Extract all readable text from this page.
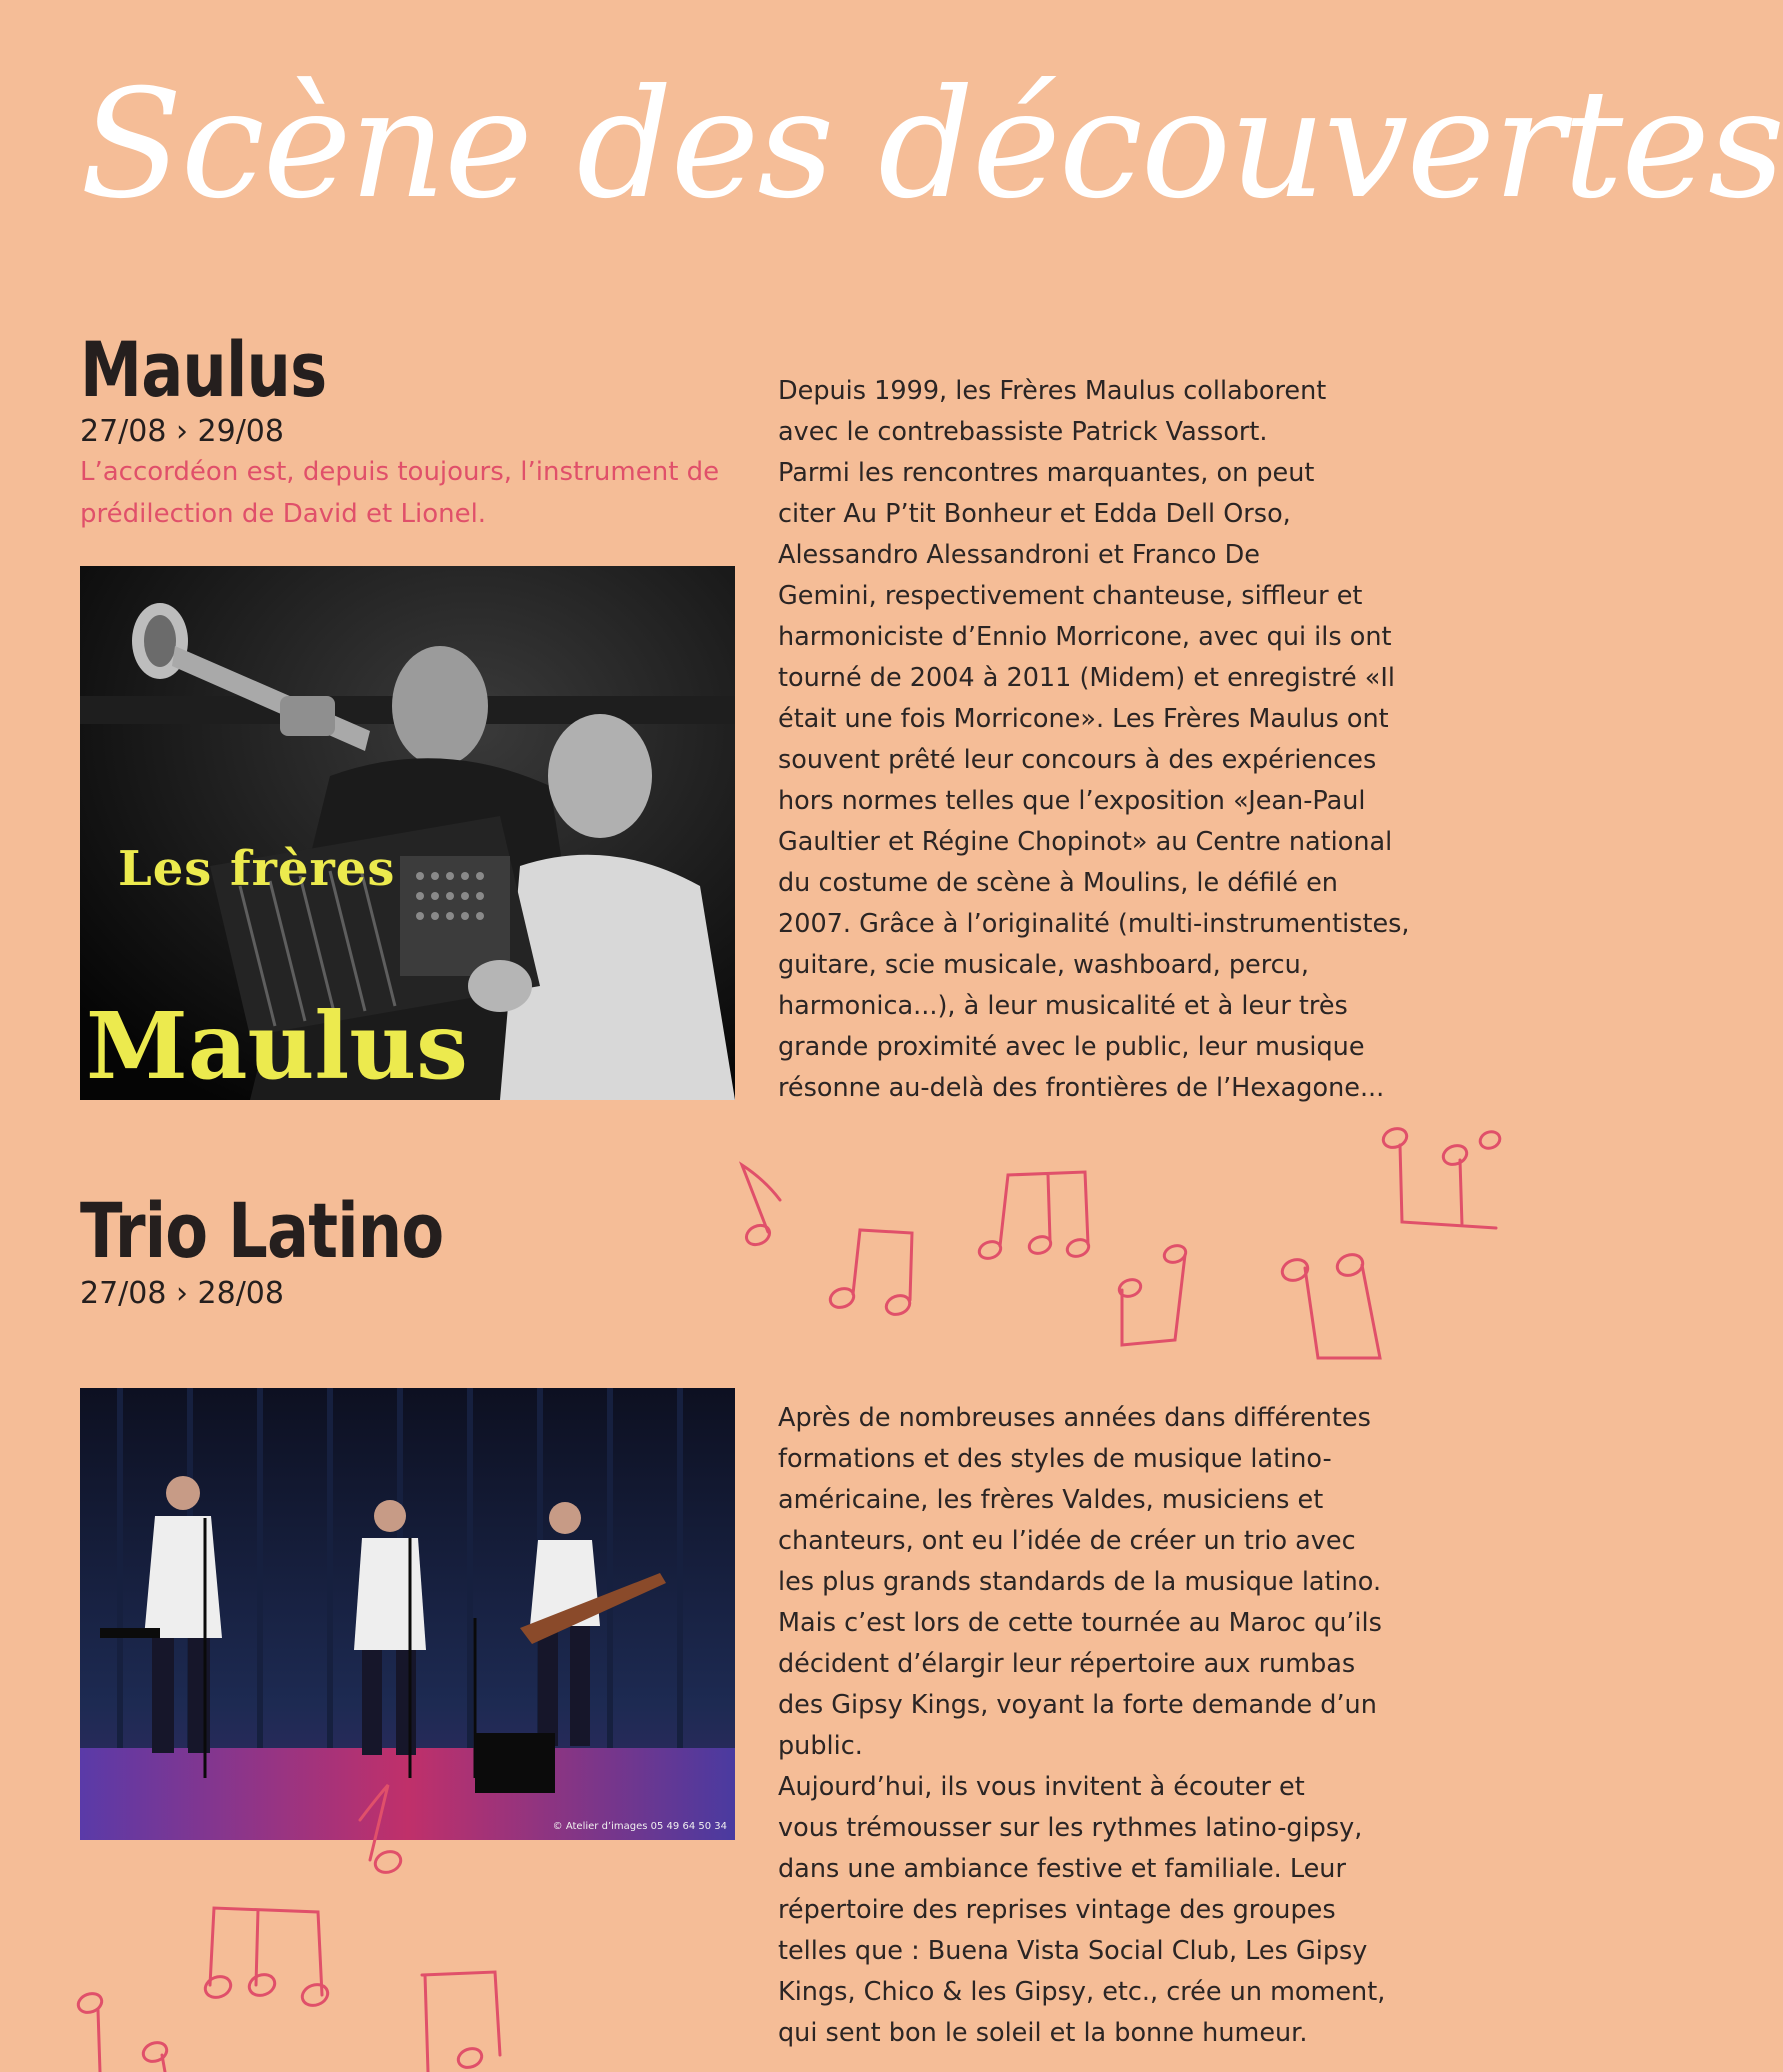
Scène des découvertes
Maulus
27/08 › 29/08

L’accordéon est, depuis toujours, l’instrument de prédilection de David et Lionel.

Les frères
Maulus

Depuis 1999, les Frères Maulus collaborent
avec le contrebassiste Patrick Vassort.
Parmi les rencontres marquantes, on peut
citer Au P’tit Bonheur et Edda Dell Orso,
Alessandro Alessandroni et Franco De
Gemini, respectivement chanteuse, siffleur et
harmoniciste d’Ennio Morricone, avec qui ils ont
tourné de 2004 à 2011 (Midem) et enregistré «Il
était une fois Morricone». Les Frères Maulus ont
souvent prêté leur concours à des expériences
hors normes telles que l’exposition «Jean-Paul
Gaultier et Régine Chopinot» au Centre national
du costume de scène à Moulins, le défilé en
2007. Grâce à l’originalité (multi-instrumentistes,
guitare, scie musicale, washboard, percu,
harmonica...), à leur musicalité et à leur très
grande proximité avec le public, leur musique
résonne au-delà des frontières de l’Hexagone...

Trio Latino
27/08 › 28/08
© Atelier d’images 05 49 64 50 34

Après de nombreuses années dans différentes
formations et des styles de musique latino-
américaine, les frères Valdes, musiciens et
chanteurs, ont eu l’idée de créer un trio avec
les plus grands standards de la musique latino.
Mais c’est lors de cette tournée au Maroc qu’ils
décident d’élargir leur répertoire aux rumbas
des Gipsy Kings, voyant la forte demande d’un
public.
Aujourd’hui, ils vous invitent à écouter et
vous trémousser sur les rythmes latino-gipsy,
dans une ambiance festive et familiale. Leur
répertoire des reprises vintage des groupes
telles que : Buena Vista Social Club, Les Gipsy
Kings, Chico & les Gipsy, etc., crée un moment,
qui sent bon le soleil et la bonne humeur.
